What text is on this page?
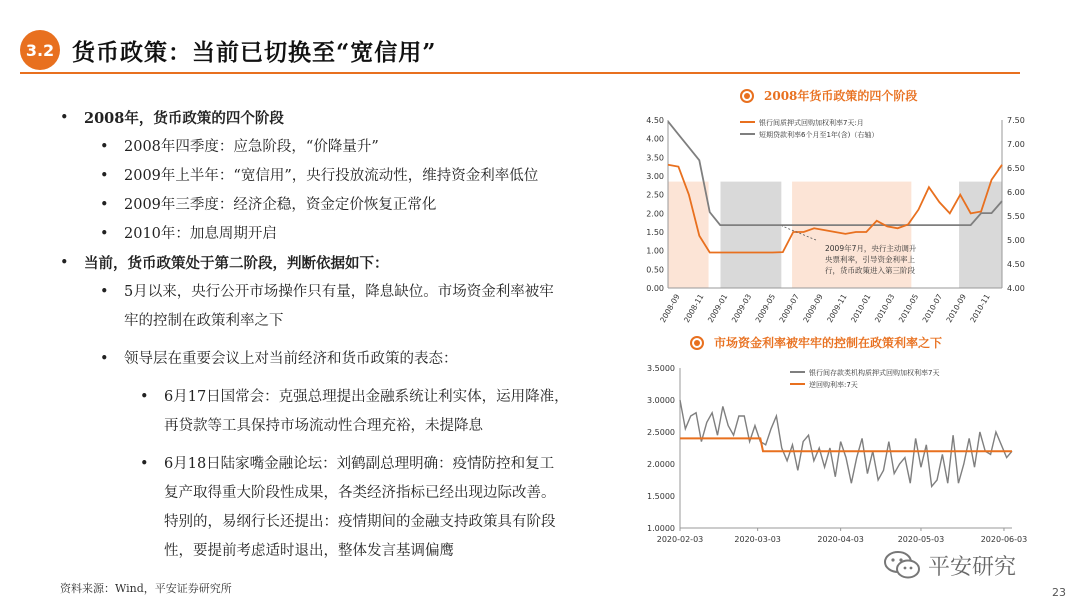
3.2 货币政策：当前已切换至“宽信用”
• 2008年，货币政策的四个阶段
• 2008年四季度：应急阶段，“价降量升”
• 2009年上半年：“宽信用”，央行投放流动性，维持资金利率低位
• 2009年三季度：经济企稳，资金定价恢复正常化
• 2010年：加息周期开启
• 当前，货币政策处于第二阶段，判断依据如下：
• 5月以来，央行公开市场操作只有量，降息缺位。市场资金利率被牢
牢的控制在政策利率之下
• 领导层在重要会议上对当前经济和货币政策的表态：
• 6月17日国常会：克强总理提出金融系统让利实体，运用降准，
再贷款等工具保持市场流动性合理充裕，未提降息
• 6月18日陆家嘴金融论坛：刘鹤副总理明确：疫情防控和复工
复产取得重大阶段性成果，各类经济指标已经出现边际改善。
特别的，易纲行长还提出：疫情期间的金融支持政策具有阶段
性，要提前考虑适时退出，整体发言基调偏鹰
资料来源：Wind，平安证券研究所	23
2008年货币政策的四个阶段
0.00
0.50
1.00
1.50
2.00
2.50
3.00
3.50
4.00
4.50
4.00
4.50
5.00
5.50
6.00
6.50
7.00
7.50
2008-09 2008-11 2009-01 2009-03 2009-05 2009-07 2009-09 2009-11 2010-01 2010-03 2010-05 2010-07 2010-09 2010-11
银行间质押式回购加权利率7天:月
短期贷款利率6个月至1年(含)（右轴）
2009年7月，央行主动调升
央票利率，引导资金利率上
行，货币政策进入第三阶段
市场资金利率被牢牢的控制在政策利率之下
1.0000
1.5000
2.0000
2.5000
3.0000
3.5000
2020-02-03	2020-03-03	2020-04-03	2020-05-03	2020-06-03
银行间存款类机构质押式回购加权利率7天
逆回购利率:7天
平安研究
